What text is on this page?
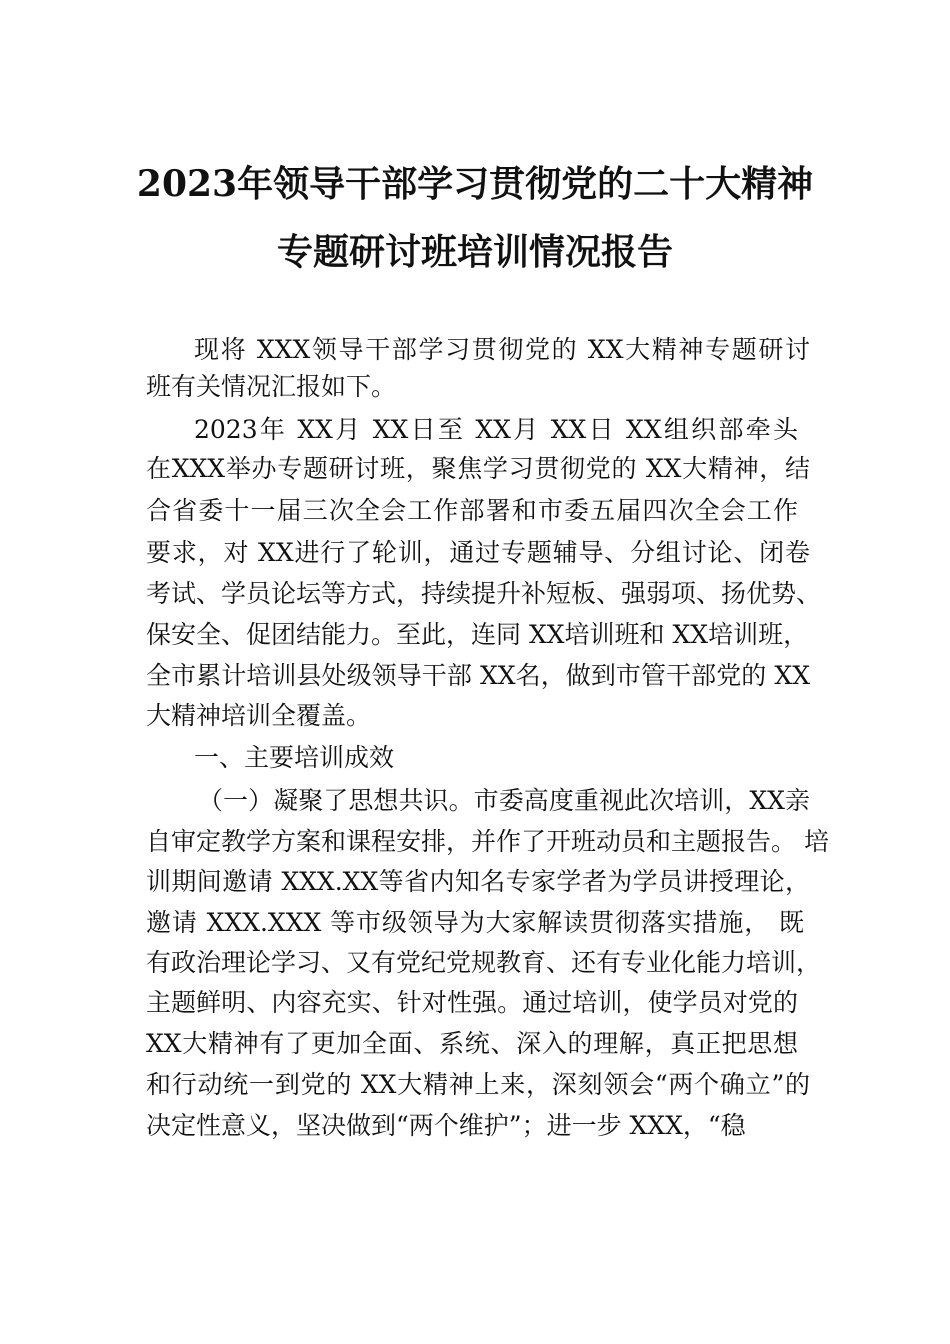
2023年领导干部学习贯彻党的二十大精神
专题研讨班培训情况报告
现将 XXX领导干部学习贯彻党的 XX大精神专题研讨
班有关情况汇报如下。
2023年 XX月 XX日至 XX月 XX日 XX组织部牵头
在XXX举办专题研讨班，聚焦学习贯彻党的 XX大精神，结
合省委十一届三次全会工作部署和市委五届四次全会工作
要求，对 XX进行了轮训，通过专题辅导、分组讨论、闭卷
考试、学员论坛等方式，持续提升补短板、强弱项、扬优势、
保安全、促团结能力。至此，连同 XX培训班和 XX培训班，
全市累计培训县处级领导干部 XX名，做到市管干部党的 XX
大精神培训全覆盖。
一、主要培训成效
（一）凝聚了思想共识。市委高度重视此次培训，XX亲
自审定教学方案和课程安排，并作了开班动员和主题报告。 培
训期间邀请 XXX.XX等省内知名专家学者为学员讲授理论，
邀请 XXX.XXX 等市级领导为大家解读贯彻落实措施， 既
有政治理论学习、又有党纪党规教育、还有专业化能力培训，
主题鲜明、内容充实、针对性强。通过培训，使学员对党的
XX大精神有了更加全面、系统、深入的理解，真正把思想
和行动统一到党的 XX大精神上来，深刻领会“两个确立”的
决定性意义，坚决做到“两个维护”；进一步 XXX，“稳
